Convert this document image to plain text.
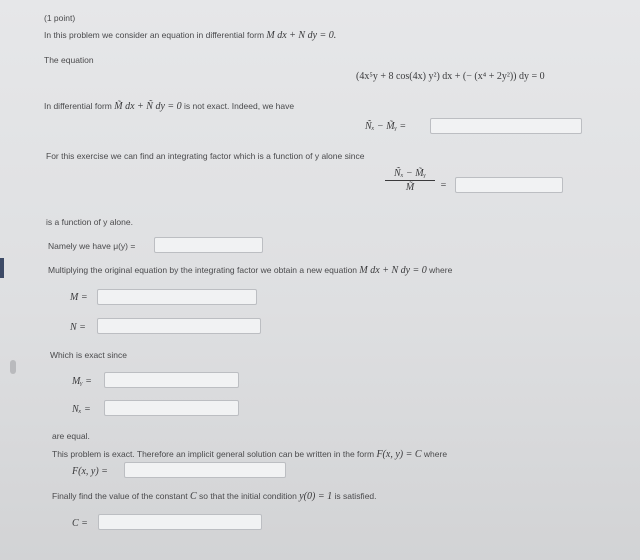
(1 point)
In this problem we consider an equation in differential form M dx + N dy = 0.
The equation
(4x⁵y + 8 cos(4x) y²) dx + (− (x⁴ + 2y²)) dy = 0
In differential form M̃ dx + Ñ dy = 0 is not exact. Indeed, we have
Ñₓ − M̃ᵧ =
For this exercise we can find an integrating factor which is a function of y alone since
Ñₓ − M̃ᵧ
M̃	=
is a function of y alone.
Namely we have μ(y) =
Multiplying the original equation by the integrating factor we obtain a new equation M dx + N dy = 0 where
M =
N =
Which is exact since
Mᵧ =
Nₓ =
are equal.
This problem is exact. Therefore an implicit general solution can be written in the form F(x, y) = C where
F(x, y) =
Finally find the value of the constant C so that the initial condition y(0) = 1 is satisfied.
C =
